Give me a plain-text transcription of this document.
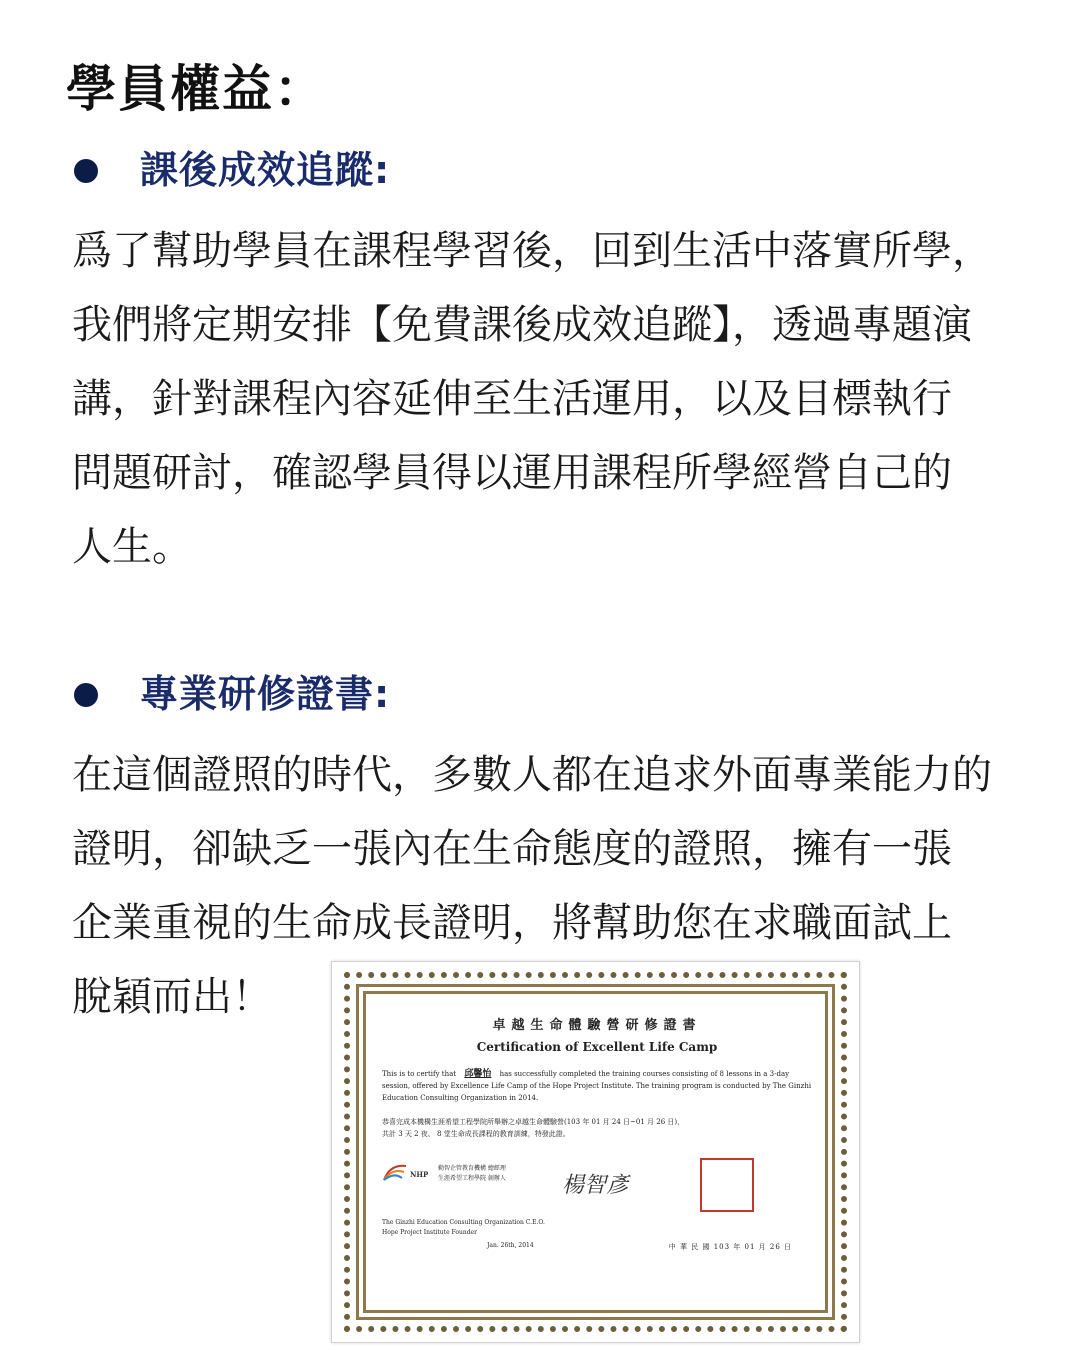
學員權益：
課後成效追蹤:
爲了幫助學員在課程學習後，回到生活中落實所學，
我們將定期安排【免費課後成效追蹤】，透過專題演
講，針對課程內容延伸至生活運用，以及目標執行
問題研討，確認學員得以運用課程所學經營自己的
人生。
專業研修證書:
在這個證照的時代，多數人都在追求外面專業能力的
證明，卻缺乏一張內在生命態度的證照，擁有一張
企業重視的生命成長證明，將幫助您在求職面試上
脫穎而出！
卓越生命體驗營研修證書
Certification of Excellent Life Camp
This is to certify that 邱馨怡 has successfully completed the training courses consisting of 8 lessons in a 3-day session, offered by Excellence Life Camp of the Hope Project Institute. The training program is conducted by The Ginzhi Education Consulting Organization in 2014.
恭喜完成本機構生涯希望工程學院所舉辦之卓越生命體驗營(103 年 01 月 24 日~01 月 26 日)，
共計 3 天 2 夜、 8 堂生命成長課程的教育訓練，特發此證。
NHP
勤智企管教育機構 總經理
生涯希望工程學院 創辦人	楊智彥
The Ginzhi Education Consulting Organization C.E.O.
Hope Project Institute Founder
Jan. 26th, 2014	中 華 民 國 103 年 01 月 26 日
